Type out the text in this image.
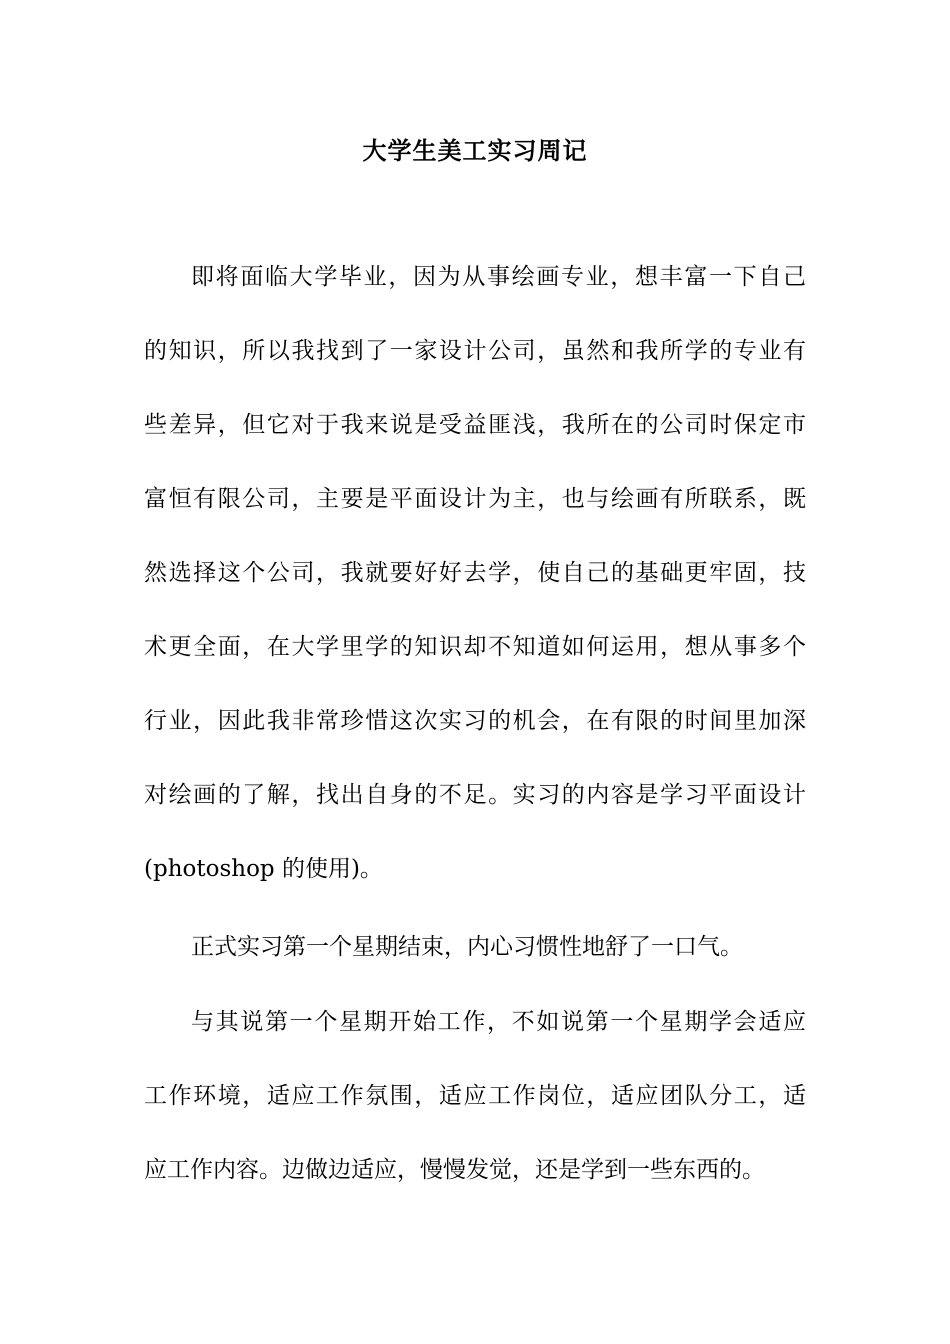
大学生美工实习周记
即将面临大学毕业，因为从事绘画专业，想丰富一下自己
的知识，所以我找到了一家设计公司，虽然和我所学的专业有
些差异，但它对于我来说是受益匪浅，我所在的公司时保定市
富恒有限公司，主要是平面设计为主，也与绘画有所联系，既
然选择这个公司，我就要好好去学，使自己的基础更牢固，技
术更全面，在大学里学的知识却不知道如何运用，想从事多个
行业，因此我非常珍惜这次实习的机会，在有限的时间里加深
对绘画的了解，找出自身的不足。实习的内容是学习平面设计
(photoshop 的使用)。
正式实习第一个星期结束，内心习惯性地舒了一口气。
与其说第一个星期开始工作，不如说第一个星期学会适应
工作环境，适应工作氛围，适应工作岗位，适应团队分工，适
应工作内容。边做边适应，慢慢发觉，还是学到一些东西的。
